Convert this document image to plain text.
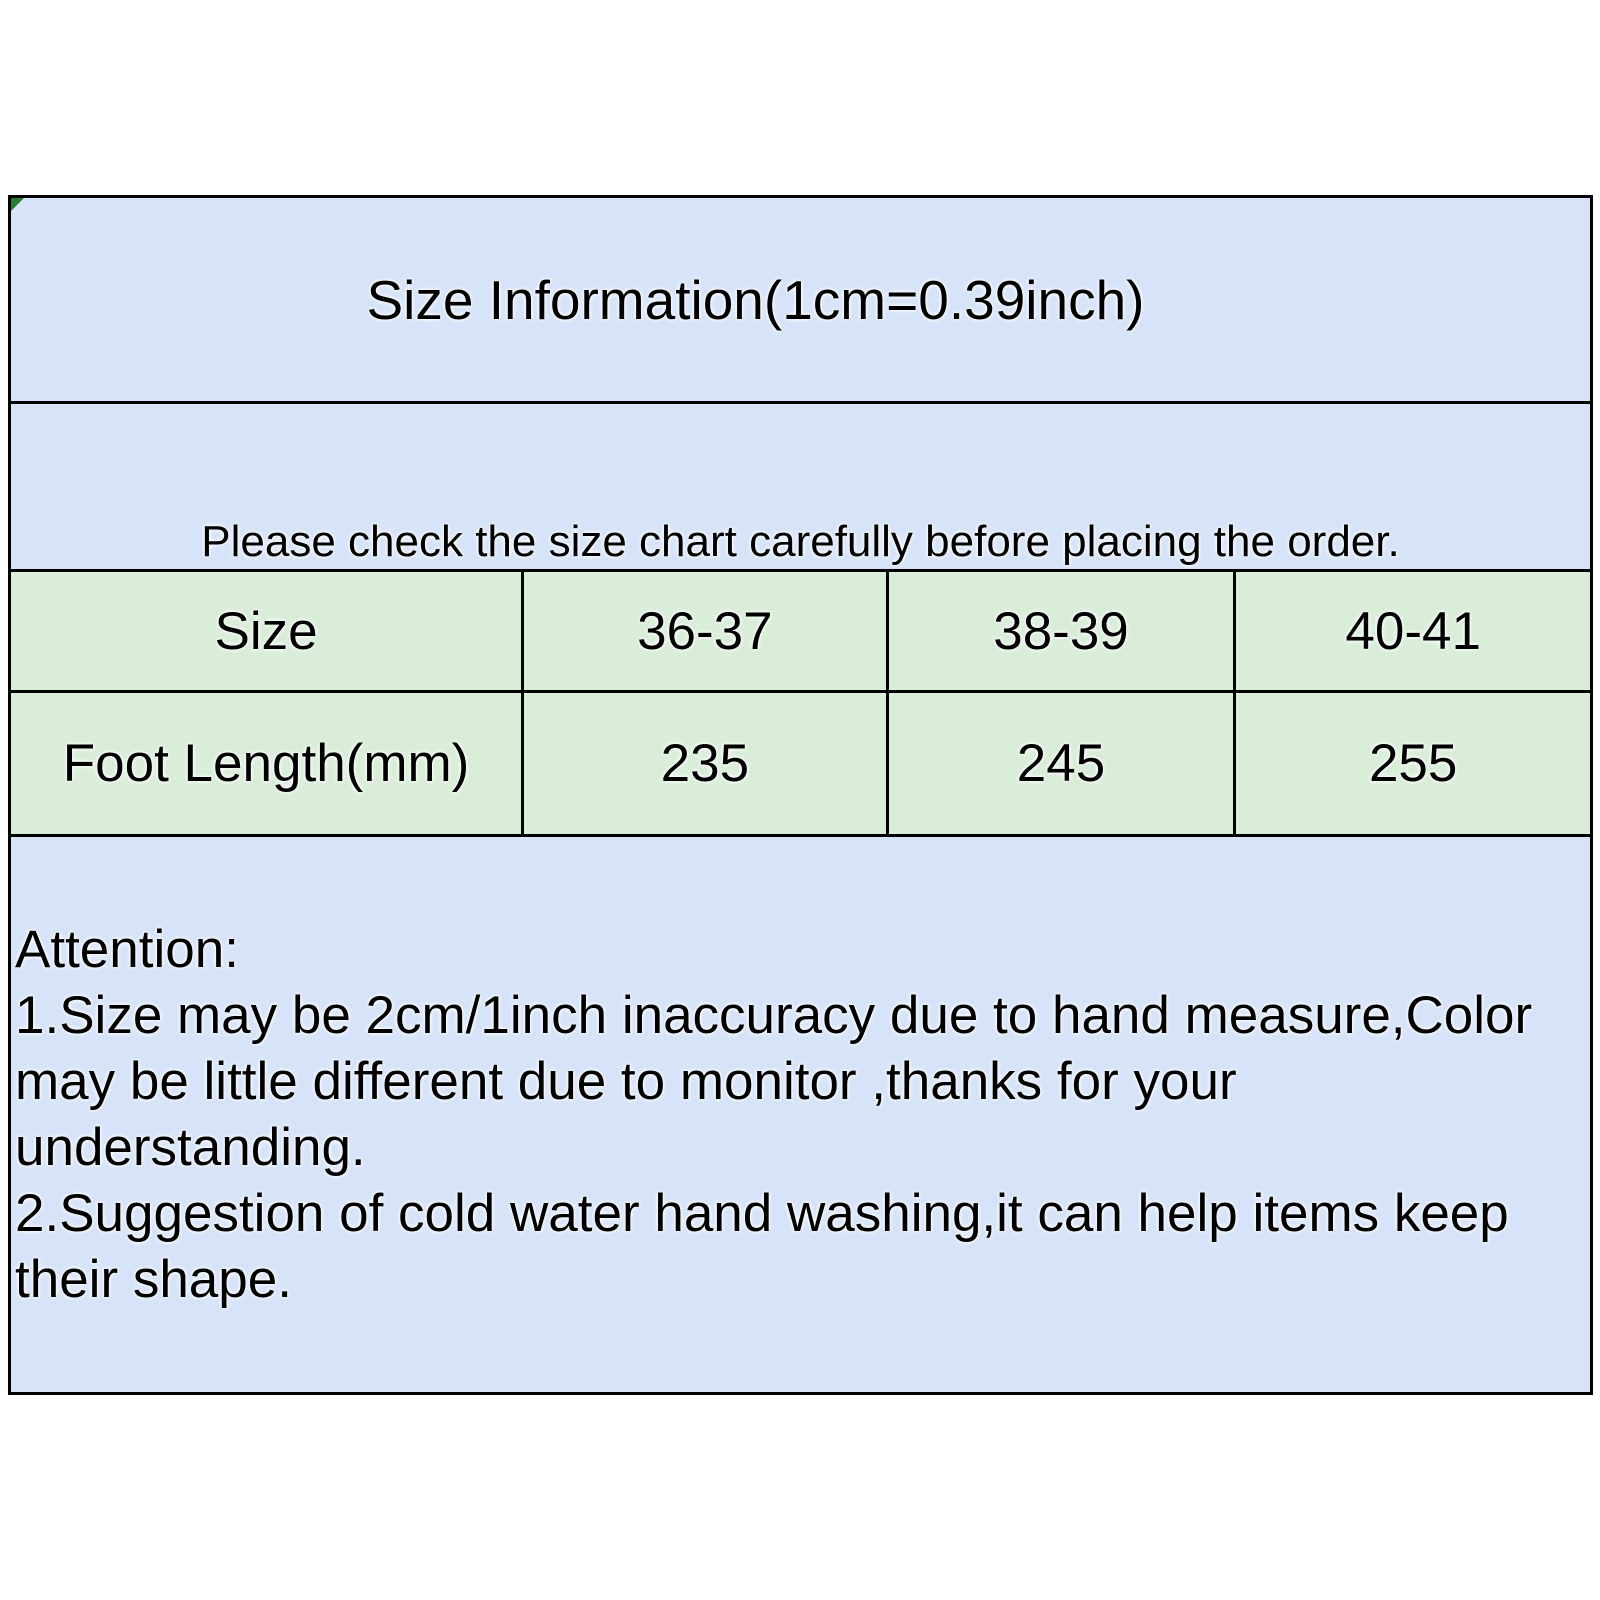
Size Information(1cm=0.39inch)
Please check the size chart carefully before placing the order.
Size	36-37	38-39	40-41
Foot Length(mm)	235	245	255
Attention:
1.Size may be 2cm/1inch inaccuracy due to hand measure,Color
may be little different due to monitor ,thanks for your
understanding.
2.Suggestion of cold water hand washing,it can help items keep
their shape.
